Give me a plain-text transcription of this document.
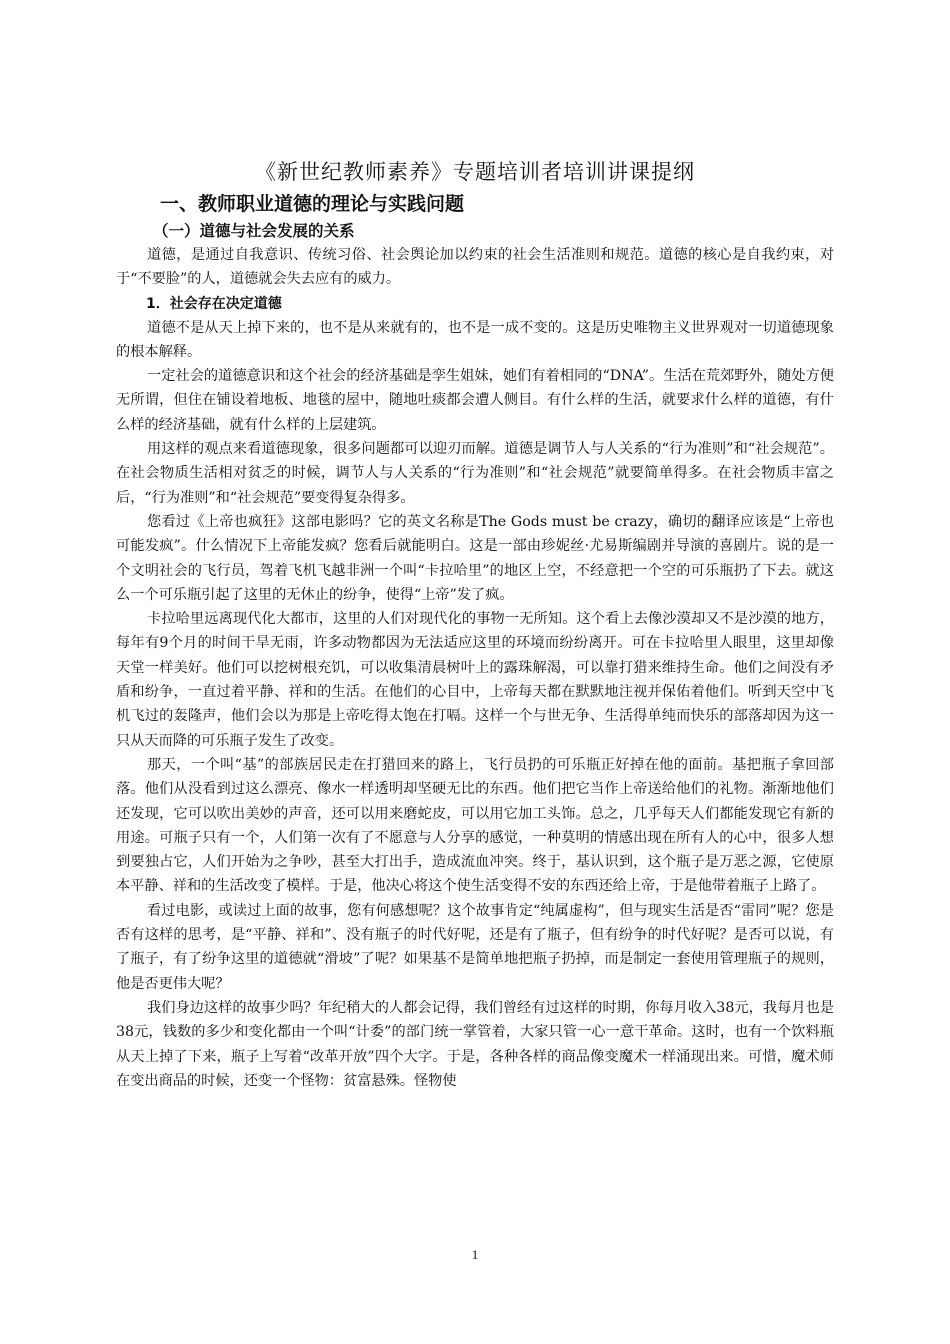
《新世纪教师素养》专题培训者培训讲课提纲
一、教师职业道德的理论与实践问题
（一）道德与社会发展的关系

道德，是通过自我意识、传统习俗、社会舆论加以约束的社会生活准则和规范。道德的核心是自我约束，对于“不要脸”的人，道德就会失去应有的威力。

1．社会存在决定道德

道德不是从天上掉下来的，也不是从来就有的，也不是一成不变的。这是历史唯物主义世界观对一切道德现象的根本解释。

一定社会的道德意识和这个社会的经济基础是孪生姐妹，她们有着相同的“DNA”。生活在荒郊野外，随处方便无所谓，但住在铺设着地板、地毯的屋中，随地吐痰都会遭人侧目。有什么样的生活，就要求什么样的道德，有什么样的经济基础，就有什么样的上层建筑。

用这样的观点来看道德现象，很多问题都可以迎刃而解。道德是调节人与人关系的“行为准则”和“社会规范”。在社会物质生活相对贫乏的时候，调节人与人关系的“行为准则”和“社会规范”就要简单得多。在社会物质丰富之后，“行为准则”和“社会规范”要变得复杂得多。

您看过《上帝也疯狂》这部电影吗？它的英文名称是The Gods must be crazy，确切的翻译应该是“上帝也可能发疯”。什么情况下上帝能发疯？您看后就能明白。这是一部由珍妮丝·尤易斯编剧并导演的喜剧片。说的是一个文明社会的飞行员，驾着飞机飞越非洲一个叫“卡拉哈里”的地区上空，不经意把一个空的可乐瓶扔了下去。就这么一个可乐瓶引起了这里的无休止的纷争，使得“上帝”发了疯。

卡拉哈里远离现代化大都市，这里的人们对现代化的事物一无所知。这个看上去像沙漠却又不是沙漠的地方，每年有9个月的时间干旱无雨，许多动物都因为无法适应这里的环境而纷纷离开。可在卡拉哈里人眼里，这里却像天堂一样美好。他们可以挖树根充饥，可以收集清晨树叶上的露珠解渴，可以靠打猎来维持生命。他们之间没有矛盾和纷争，一直过着平静、祥和的生活。在他们的心目中，上帝每天都在默默地注视并保佑着他们。听到天空中飞机飞过的轰隆声，他们会以为那是上帝吃得太饱在打嗝。这样一个与世无争、生活得单纯而快乐的部落却因为这一只从天而降的可乐瓶子发生了改变。

那天，一个叫“基”的部族居民走在打猎回来的路上，飞行员扔的可乐瓶正好掉在他的面前。基把瓶子拿回部落。他们从没看到过这么漂亮、像水一样透明却坚硬无比的东西。他们把它当作上帝送给他们的礼物。渐渐地他们还发现，它可以吹出美妙的声音，还可以用来磨蛇皮，可以用它加工头饰。总之，几乎每天人们都能发现它有新的用途。可瓶子只有一个，人们第一次有了不愿意与人分享的感觉，一种莫明的情感出现在所有人的心中，很多人想到要独占它，人们开始为之争吵，甚至大打出手，造成流血冲突。终于，基认识到，这个瓶子是万恶之源，它使原本平静、祥和的生活改变了模样。于是，他决心将这个使生活变得不安的东西还给上帝，于是他带着瓶子上路了。

看过电影，或读过上面的故事，您有何感想呢？这个故事肯定“纯属虚构”，但与现实生活是否“雷同”呢？您是否有这样的思考，是“平静、祥和”、没有瓶子的时代好呢，还是有了瓶子，但有纷争的时代好呢？是否可以说，有了瓶子，有了纷争这里的道德就“滑坡”了呢？如果基不是简单地把瓶子扔掉，而是制定一套使用管理瓶子的规则，他是否更伟大呢？

我们身边这样的故事少吗？年纪稍大的人都会记得，我们曾经有过这样的时期，你每月收入38元，我每月也是38元，钱数的多少和变化都由一个叫“计委”的部门统一掌管着，大家只管一心一意干革命。这时，也有一个饮料瓶从天上掉了下来，瓶子上写着“改革开放”四个大字。于是，各种各样的商品像变魔术一样涌现出来。可惜，魔术师在变出商品的时候，还变一个怪物：贫富悬殊。怪物使

1
